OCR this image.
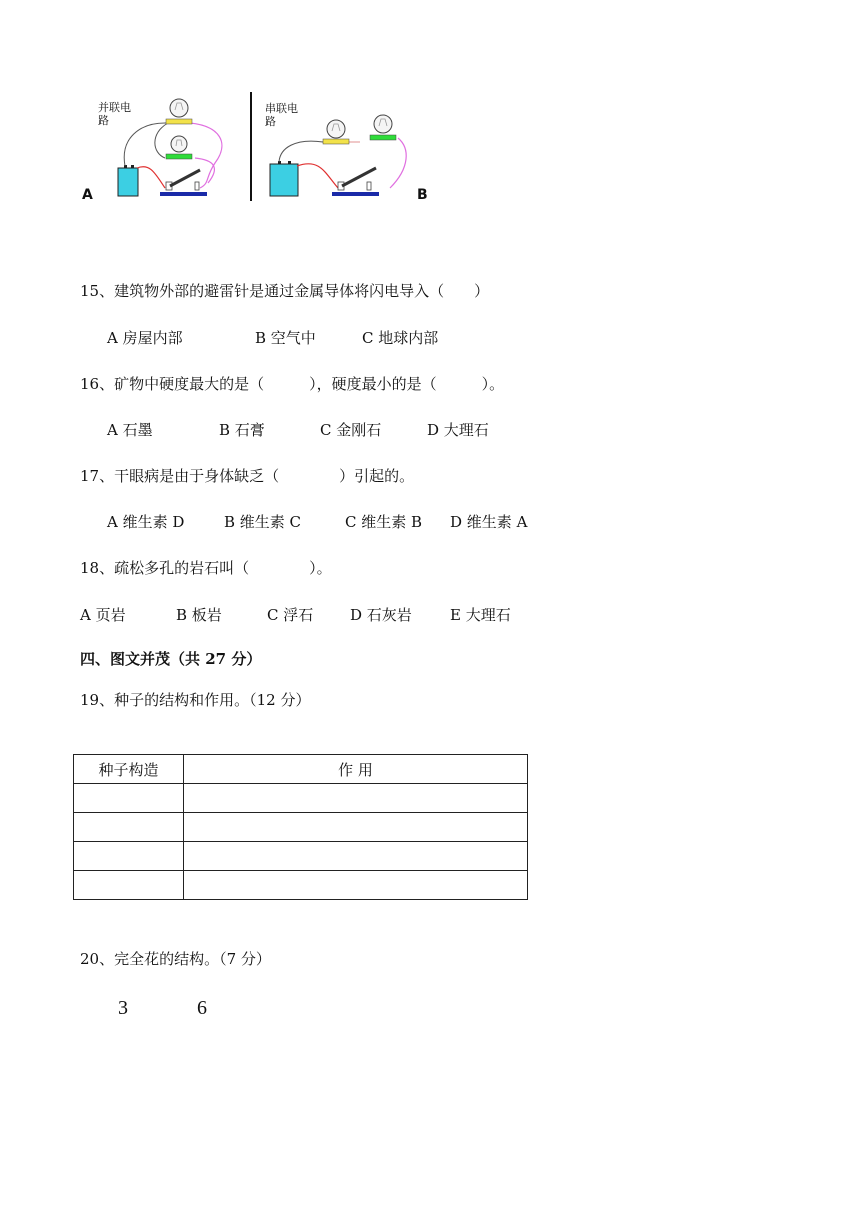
并联电路
串联电路
A	B
15、建筑物外部的避雷针是通过金属导体将闪电导入（　　）
A 房屋内部	B 空气中	C 地球内部
16、矿物中硬度最大的是（　　　），硬度最小的是（　　　）。
A 石墨	B 石膏	C 金刚石	D 大理石
17、干眼病是由于身体缺乏（　　　　）引起的。
A 维生素 D	B 维生素 C	C 维生素 B D 维生素 A
18、疏松多孔的岩石叫（　　　　）。
A 页岩	B 板岩	C 浮石 D 石灰岩	E 大理石
四、图文并茂（共 27 分）
19、种子的结构和作用。（12 分）
种子构造	作 用

20、完全花的结构。（7 分）
3	6
